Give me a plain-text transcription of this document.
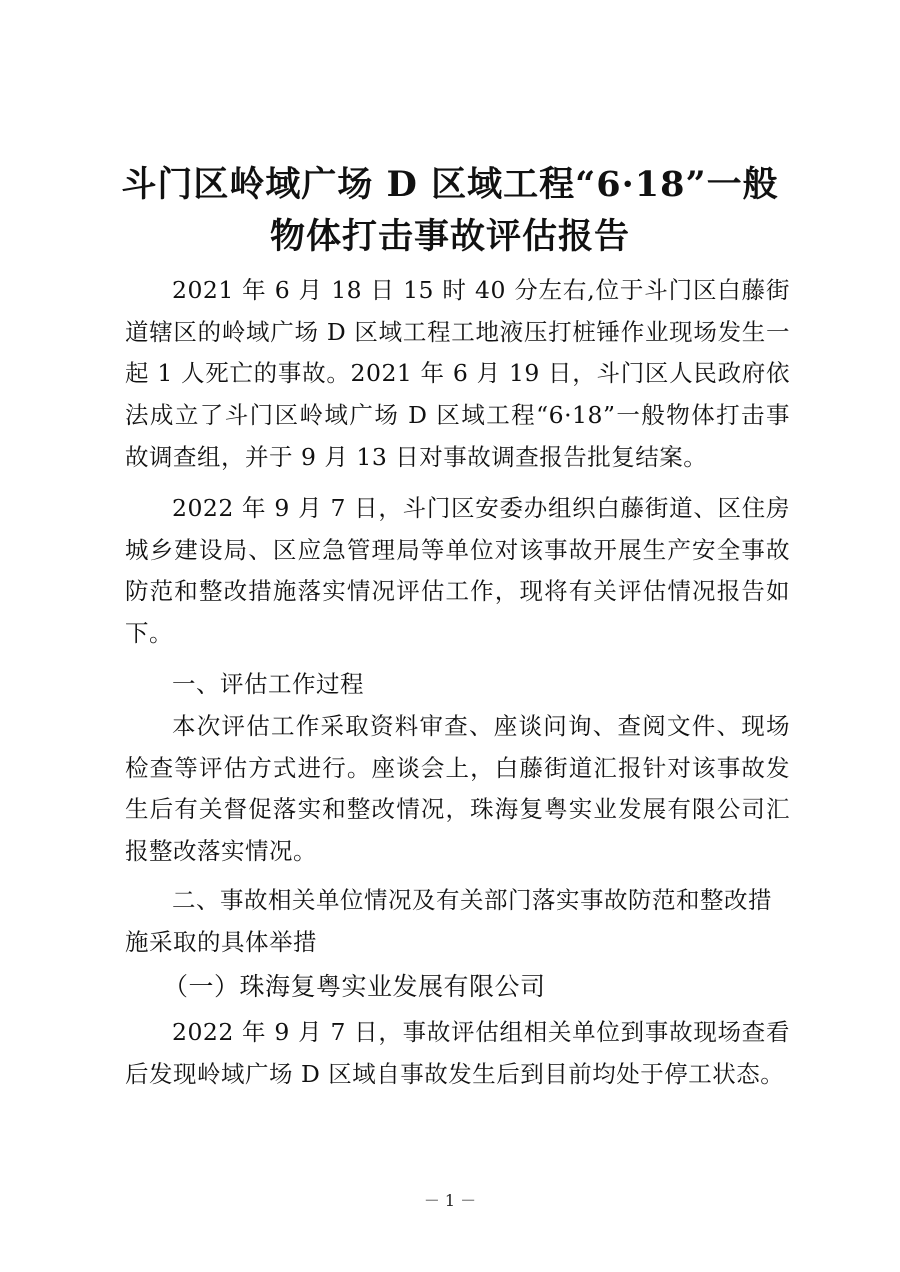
斗门区岭域广场 D 区域工程“6·18”一般
物体打击事故评估报告

2021 年 6 月 18 日 15 时 40 分左右,位于斗门区白藤街道辖区的岭域广场 D 区域工程工地液压打桩锤作业现场发生一起 1 人死亡的事故。2021 年 6 月 19 日，斗门区人民政府依法成立了斗门区岭域广场 D 区域工程“6·18”一般物体打击事故调查组，并于 9 月 13 日对事故调查报告批复结案。

2022 年 9 月 7 日，斗门区安委办组织白藤街道、区住房城乡建设局、区应急管理局等单位对该事故开展生产安全事故防范和整改措施落实情况评估工作，现将有关评估情况报告如下。

一、评估工作过程

本次评估工作采取资料审查、座谈问询、查阅文件、现场检查等评估方式进行。座谈会上，白藤街道汇报针对该事故发生后有关督促落实和整改情况，珠海复粤实业发展有限公司汇报整改落实情况。

二、事故相关单位情况及有关部门落实事故防范和整改措施采取的具体举措

（一）珠海复粤实业发展有限公司

2022 年 9 月 7 日，事故评估组相关单位到事故现场查看后发现岭域广场 D 区域自事故发生后到目前均处于停工状态。

－ 1 －
